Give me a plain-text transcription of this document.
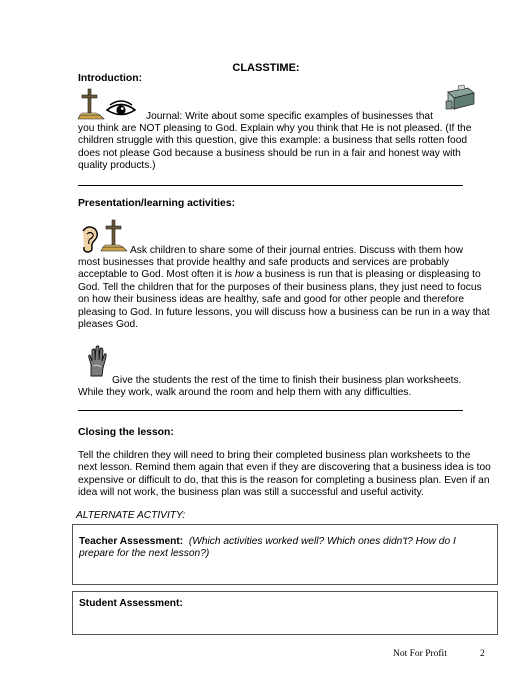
CLASSTIME:
Introduction:
Journal: Write about some specific examples of businesses that

you think are NOT pleasing to God. Explain why you think that He is not pleased. (If the children struggle with this question, give this example: a business that sells rotten food does not please God because a business should be run in a fair and honest way with quality products.)

Presentation/learning activities:
Ask children to share some of their journal entries. Discuss with them how

most businesses that provide healthy and safe products and services are probably acceptable to God. Most often it is how a business is run that is pleasing or displeasing to God. Tell the children that for the purposes of their business plans, they just need to focus on how their business ideas are healthy, safe and good for other people and therefore pleasing to God. In future lessons, you will discuss how a business can be run in a way that pleases God.

Give the students the rest of the time to finish their business plan worksheets.
While they work, walk around the room and help them with any difficulties.
Closing the lesson:

Tell the children they will need to bring their completed business plan worksheets to the next lesson. Remind them again that even if they are discovering that a business idea is too expensive or difficult to do, that this is the reason for completing a business plan. Even if an idea will not work, the business plan was still a successful and useful activity.

ALTERNATE ACTIVITY:
Teacher Assessment: (Which activities worked well? Which ones didn't? How do I prepare for the next lesson?)
Student Assessment:
Not For Profit	2
